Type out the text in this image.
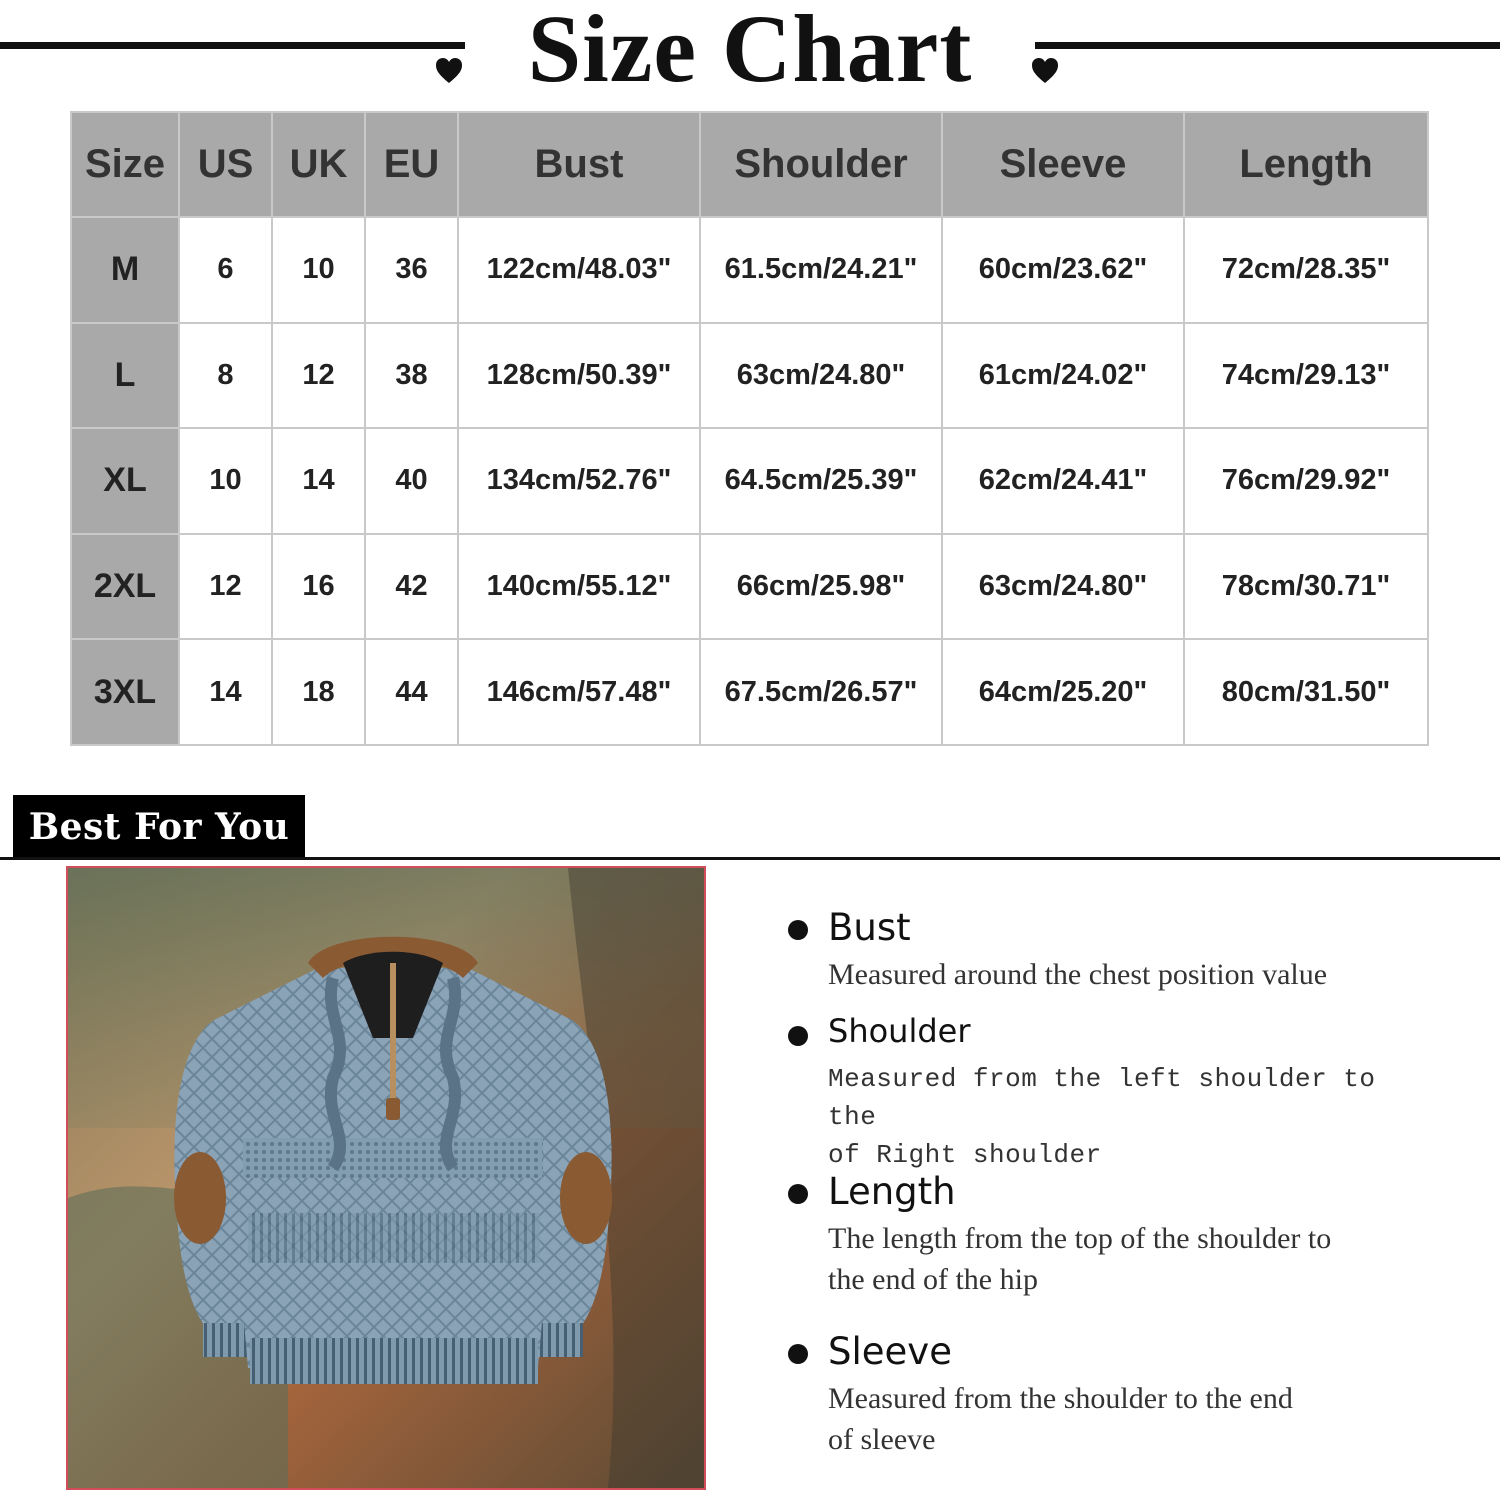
Size Chart
Size	US	UK	EU	Bust	Shoulder	Sleeve	Length
M	6	10	36	122cm/48.03"	61.5cm/24.21"	60cm/23.62"	72cm/28.35"
L	8	12	38	128cm/50.39"	63cm/24.80"	61cm/24.02"	74cm/29.13"
XL	10	14	40	134cm/52.76"	64.5cm/25.39"	62cm/24.41"	76cm/29.92"
2XL	12	16	42	140cm/55.12"	66cm/25.98"	63cm/24.80"	78cm/30.71"
3XL	14	18	44	146cm/57.48"	67.5cm/26.57"	64cm/25.20"	80cm/31.50"
Best For You
Bust
Measured around the chest position value
Shoulder
Measured from the left shoulder to the
of Right shoulder
Length
The length from the top of the shoulder to
the end of the hip
Sleeve
Measured from the shoulder to the end
of sleeve
